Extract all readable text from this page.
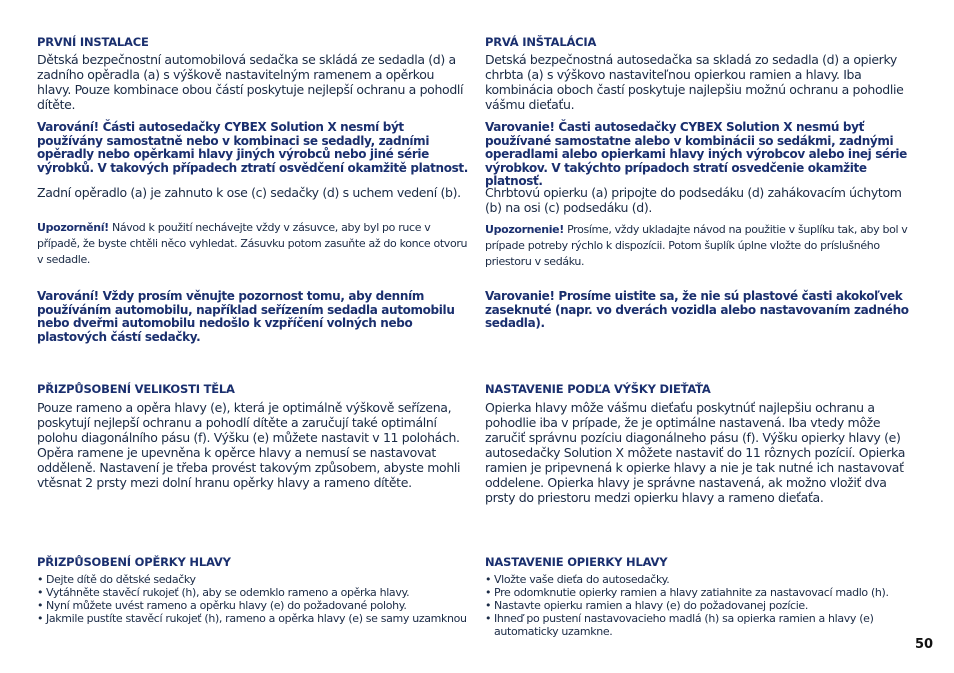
PRVNÍ INSTALACE
Dětská bezpečnostní automobilová sedačka se skládá ze sedadla (d) a zadního opěradla (a) s výškově nastavitelným ramenem a opěrkou hlavy. Pouze kombinace obou částí poskytuje nejlepší ochranu a pohodlí dítěte.
Varování! Části autosedačky CYBEX Solution X nesmí být používány samostatně nebo v kombinaci se sedadly, zadními opěradly nebo opěrkami hlavy jiných výrobců nebo jiné série výrobků. V takových případech ztratí osvědčení okamžitě platnost.
Zadní opěradlo (a) je zahnuto k ose (c) sedačky (d) s uchem vedení (b).
Upozornění! Návod k použití nechávejte vždy v zásuvce, aby byl po ruce v případě, že byste chtěli něco vyhledat. Zásuvku potom zasuňte až do konce otvoru v sedadle.
Varování! Vždy prosím věnujte pozornost tomu, aby denním používáním automobilu, například seřízením sedadla automobilu nebo dveřmi automobilu nedošlo k vzpříčení volných nebo plastových částí sedačky.
PŘIZPŮSOBENÍ VELIKOSTI TĚLA
Pouze rameno a opěra hlavy (e), která je optimálně výškově seřízena, poskytují nejlepší ochranu a pohodlí dítěte a zaručují také optimální polohu diagonálního pásu (f). Výšku (e) můžete nastavit v 11 polohách. Opěra ramene je upevněna k opěrce hlavy a nemusí se nastavovat odděleně. Nastavení je třeba provést takovým způsobem, abyste mohli vtěsnat 2 prsty mezi dolní hranu opěrky hlavy a rameno dítěte.
PŘIZPŮSOBENÍ OPĚRKY HLAVY
• Dejte dítě do dětské sedačky
• Vytáhněte stavěcí rukojeť (h), aby se odemklo rameno a opěrka hlavy.
• Nyní můžete uvést rameno a opěrku hlavy (e) do požadované polohy.
• Jakmile pustíte stavěcí rukojeť (h), rameno a opěrka hlavy (e) se samy uzamknou
PRVÁ INŠTALÁCIA
Detská bezpečnostná autosedačka sa skladá zo sedadla (d) a opierky chrbta (a) s výškovo nastaviteľnou opierkou ramien a hlavy. Iba kombinácia oboch častí poskytuje najlepšiu možnú ochranu a pohodlie vášmu dieťaťu.
Varovanie! Časti autosedačky CYBEX Solution X nesmú byť používané samostatne alebo v kombinácii so sedákmi, zadnými operadlami alebo opierkami hlavy iných výrobcov alebo inej série výrobkov. V takýchto prípadoch stratí osvedčenie okamžite platnosť.
Chrbtovú opierku (a) pripojte do podsedáku (d) zahákovacím úchytom (b) na osi (c) podsedáku (d).
Upozornenie! Prosíme, vždy ukladajte návod na použitie v šuplíku tak, aby bol v prípade potreby rýchlo k dispozícii. Potom šuplík úplne vložte do príslušného priestoru v sedáku.
Varovanie! Prosíme uistite sa, že nie sú plastové časti akokoľvek zaseknuté (napr. vo dverách vozidla alebo nastavovaním zadného sedadla).
NASTAVENIE PODĽA VÝŠKY DIEŤAŤA
Opierka hlavy môže vášmu dieťaťu poskytnúť najlepšiu ochranu a pohodlie iba v prípade, že je optimálne nastavená. Iba vtedy môže zaručiť správnu pozíciu diagonálneho pásu (f). Výšku opierky hlavy (e) autosedačky Solution X môžete nastaviť do 11 rôznych pozícií. Opierka ramien je pripevnená k opierke hlavy a nie je tak nutné ich nastavovať oddelene. Opierka hlavy je správne nastavená, ak možno vložiť dva prsty do priestoru medzi opierku hlavy a rameno dieťaťa.
NASTAVENIE OPIERKY HLAVY
• Vložte vaše dieťa do autosedačky.
• Pre odomknutie opierky ramien a hlavy zatiahnite za nastavovací madlo (h).
• Nastavte opierku ramien a hlavy (e) do požadovanej pozície.
• Ihneď po pustení nastavovacieho madlá (h) sa opierka ramien a hlavy (e) automaticky uzamkne.
50
